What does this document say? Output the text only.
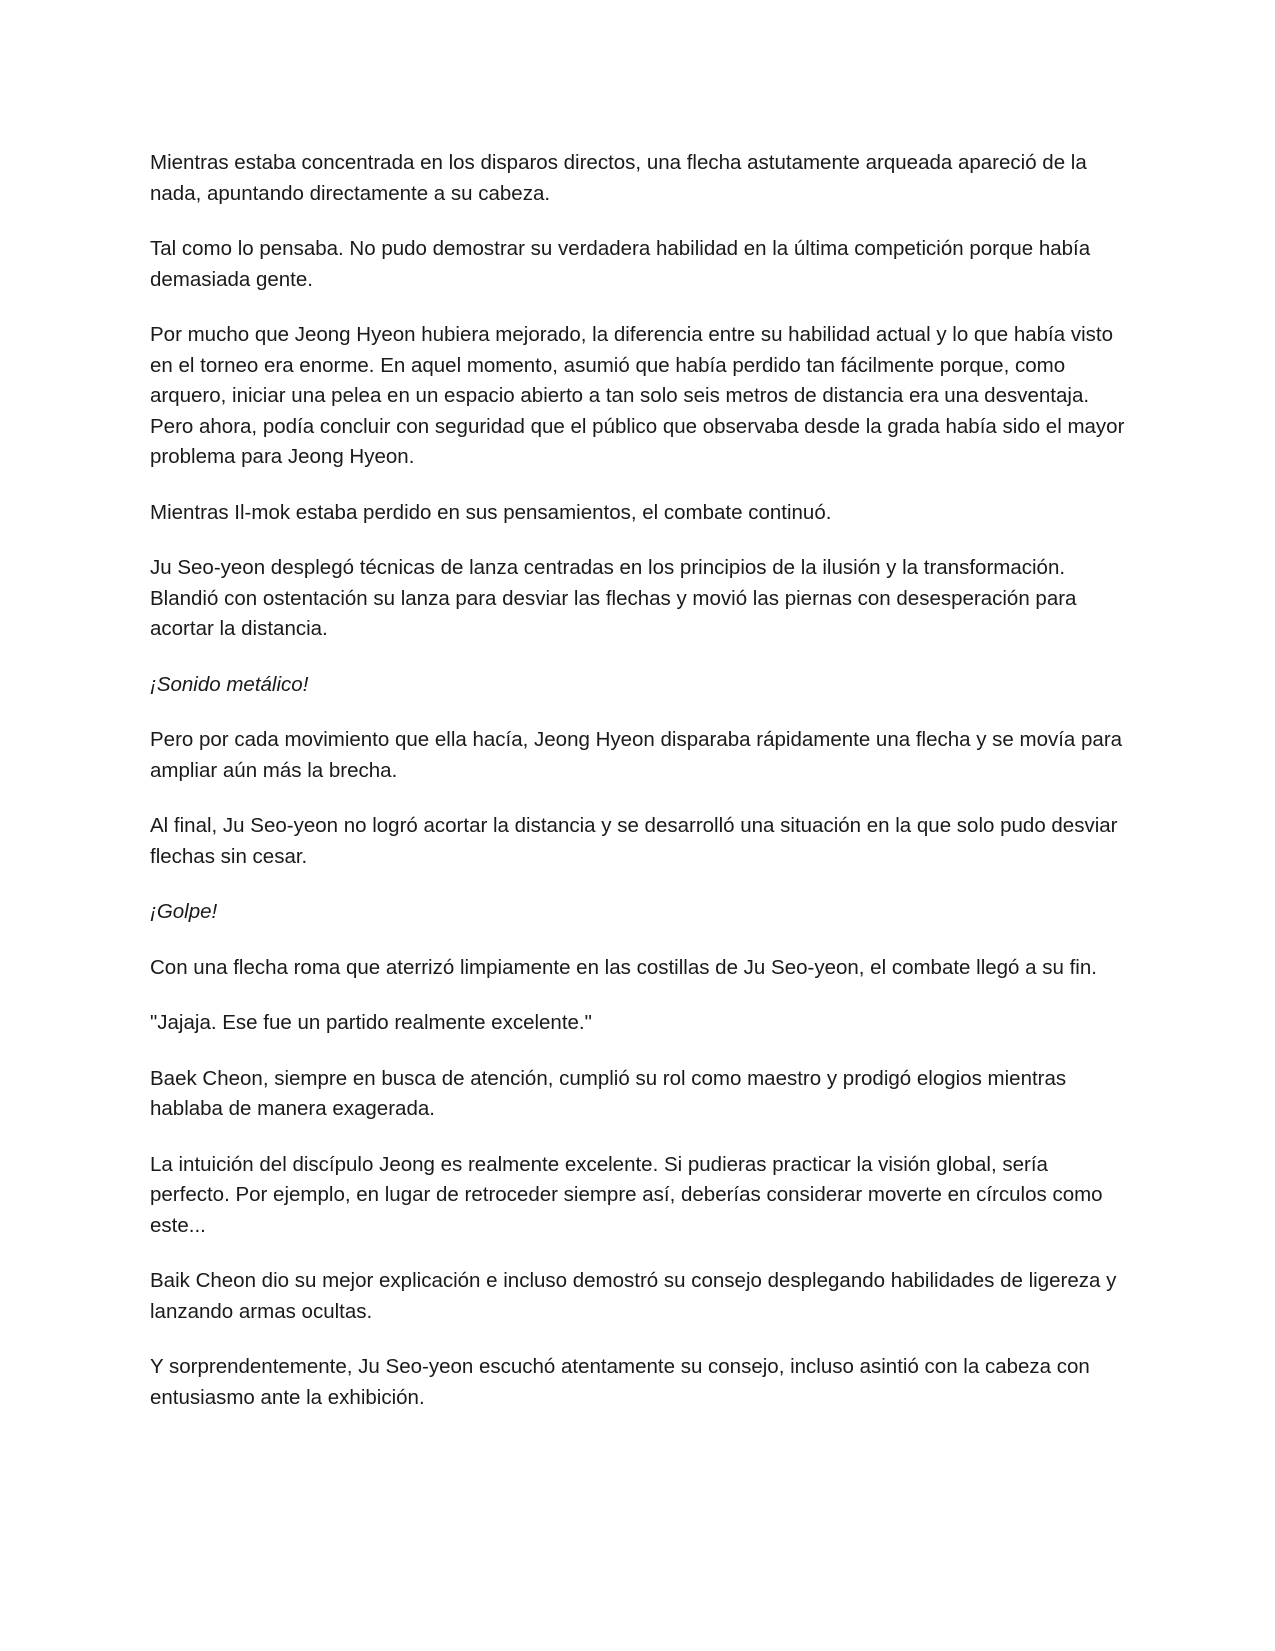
Mientras estaba concentrada en los disparos directos, una flecha astutamente arqueada apareció de la nada, apuntando directamente a su cabeza.

Tal como lo pensaba. No pudo demostrar su verdadera habilidad en la última competición porque había demasiada gente.

Por mucho que Jeong Hyeon hubiera mejorado, la diferencia entre su habilidad actual y lo que había visto en el torneo era enorme. En aquel momento, asumió que había perdido tan fácilmente porque, como arquero, iniciar una pelea en un espacio abierto a tan solo seis metros de distancia era una desventaja. Pero ahora, podía concluir con seguridad que el público que observaba desde la grada había sido el mayor problema para Jeong Hyeon.

Mientras Il-mok estaba perdido en sus pensamientos, el combate continuó.

Ju Seo-yeon desplegó técnicas de lanza centradas en los principios de la ilusión y la transformación. Blandió con ostentación su lanza para desviar las flechas y movió las piernas con desesperación para acortar la distancia.

¡Sonido metálico!

Pero por cada movimiento que ella hacía, Jeong Hyeon disparaba rápidamente una flecha y se movía para ampliar aún más la brecha.

Al final, Ju Seo-yeon no logró acortar la distancia y se desarrolló una situación en la que solo pudo desviar flechas sin cesar.

¡Golpe!

Con una flecha roma que aterrizó limpiamente en las costillas de Ju Seo-yeon, el combate llegó a su fin.

"Jajaja. Ese fue un partido realmente excelente."

Baek Cheon, siempre en busca de atención, cumplió su rol como maestro y prodigó elogios mientras hablaba de manera exagerada.

La intuición del discípulo Jeong es realmente excelente. Si pudieras practicar la visión global, sería perfecto. Por ejemplo, en lugar de retroceder siempre así, deberías considerar moverte en círculos como este...

Baik Cheon dio su mejor explicación e incluso demostró su consejo desplegando habilidades de ligereza y lanzando armas ocultas.

Y sorprendentemente, Ju Seo-yeon escuchó atentamente su consejo, incluso asintió con la cabeza con entusiasmo ante la exhibición.
